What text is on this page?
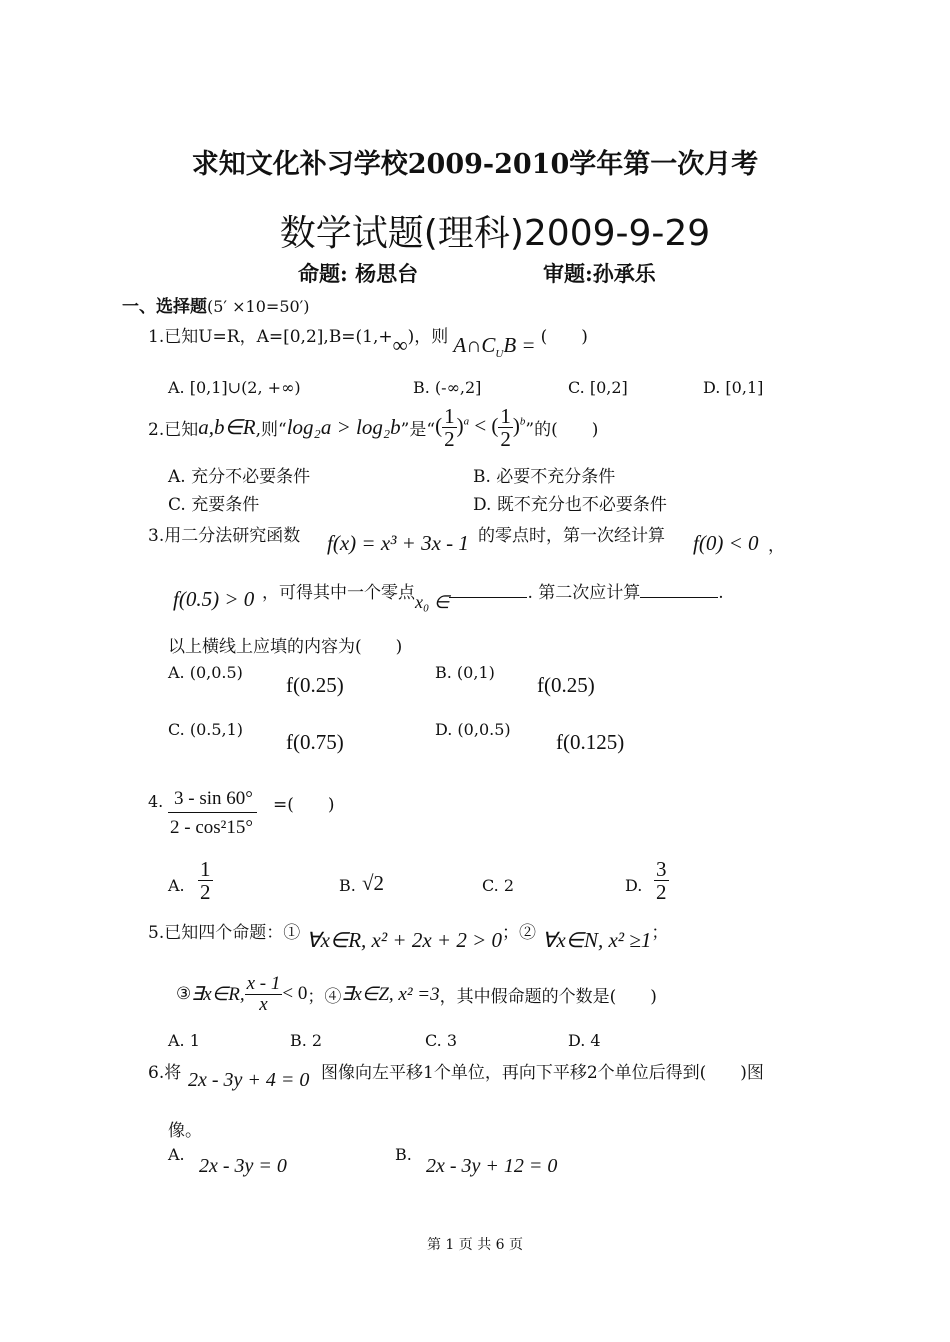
求知文化补习学校2009-2010学年第一次月考
数学试题(理科)2009-9-29
命题: 杨思台	审题:孙承乐
一、选择题(5′ ×10=50′)
1.已知U=R，A=[0,2],B=(1,+∞)，则 $A\cap C_UB$ = (　　)
A. [0,1]∪(2, +∞)	B. (-∞,2]	C. [0,2]	D. [0,1]
2.已知 a,b∈R ,则“ log₂a > log₂b ”是“ ( $\frac{1}{2} )^a$ < ( $\frac{1}{2} )^b$ ”的(　　)
A. 充分不必要条件	B. 必要不充分条件
C. 充要条件	D. 既不充分也不必要条件
3.用二分法研究函数 f(x) = x³ + 3x - 1 的零点时，第一次经计算 f(0) < 0 ，
f(0.5) > 0 ，可得其中一个零点 x₀ ∈	. 第二次应计算	.
以上横线上应填的内容为(　　)
A. (0,0.5)
f(0.25)
B. (0,1)
f(0.25)
C. (0.5,1)
f(0.75)
D. (0,0.5)
f(0.125)
4. $\frac{3 - \sin 60^\circ}{\text{2 - cos²15°}}$ =(　　)
A. $\frac{1}{2}$	B. √2	C. 2	D. $\frac{3}{2}$
5.已知四个命题：① ∀x∈R, x² + 2x + 2 > 0 ；② ∀x∈N, x² ≥1 ；
③ ∃x∈R, $\frac{x - 1}{x} < 0$ ；④ ∃x∈Z, x² =3 ，其中假命题的个数是(　　)
A. 1	B. 2	C. 3	D. 4
6.将 2x - 3y + 4 = 0 图像向左平移1个单位，再向下平移2个单位后得到(　　)图
像。
A.
2x - 3y = 0
B.
2x - 3y + 12 = 0
第 1 页 共 6 页
